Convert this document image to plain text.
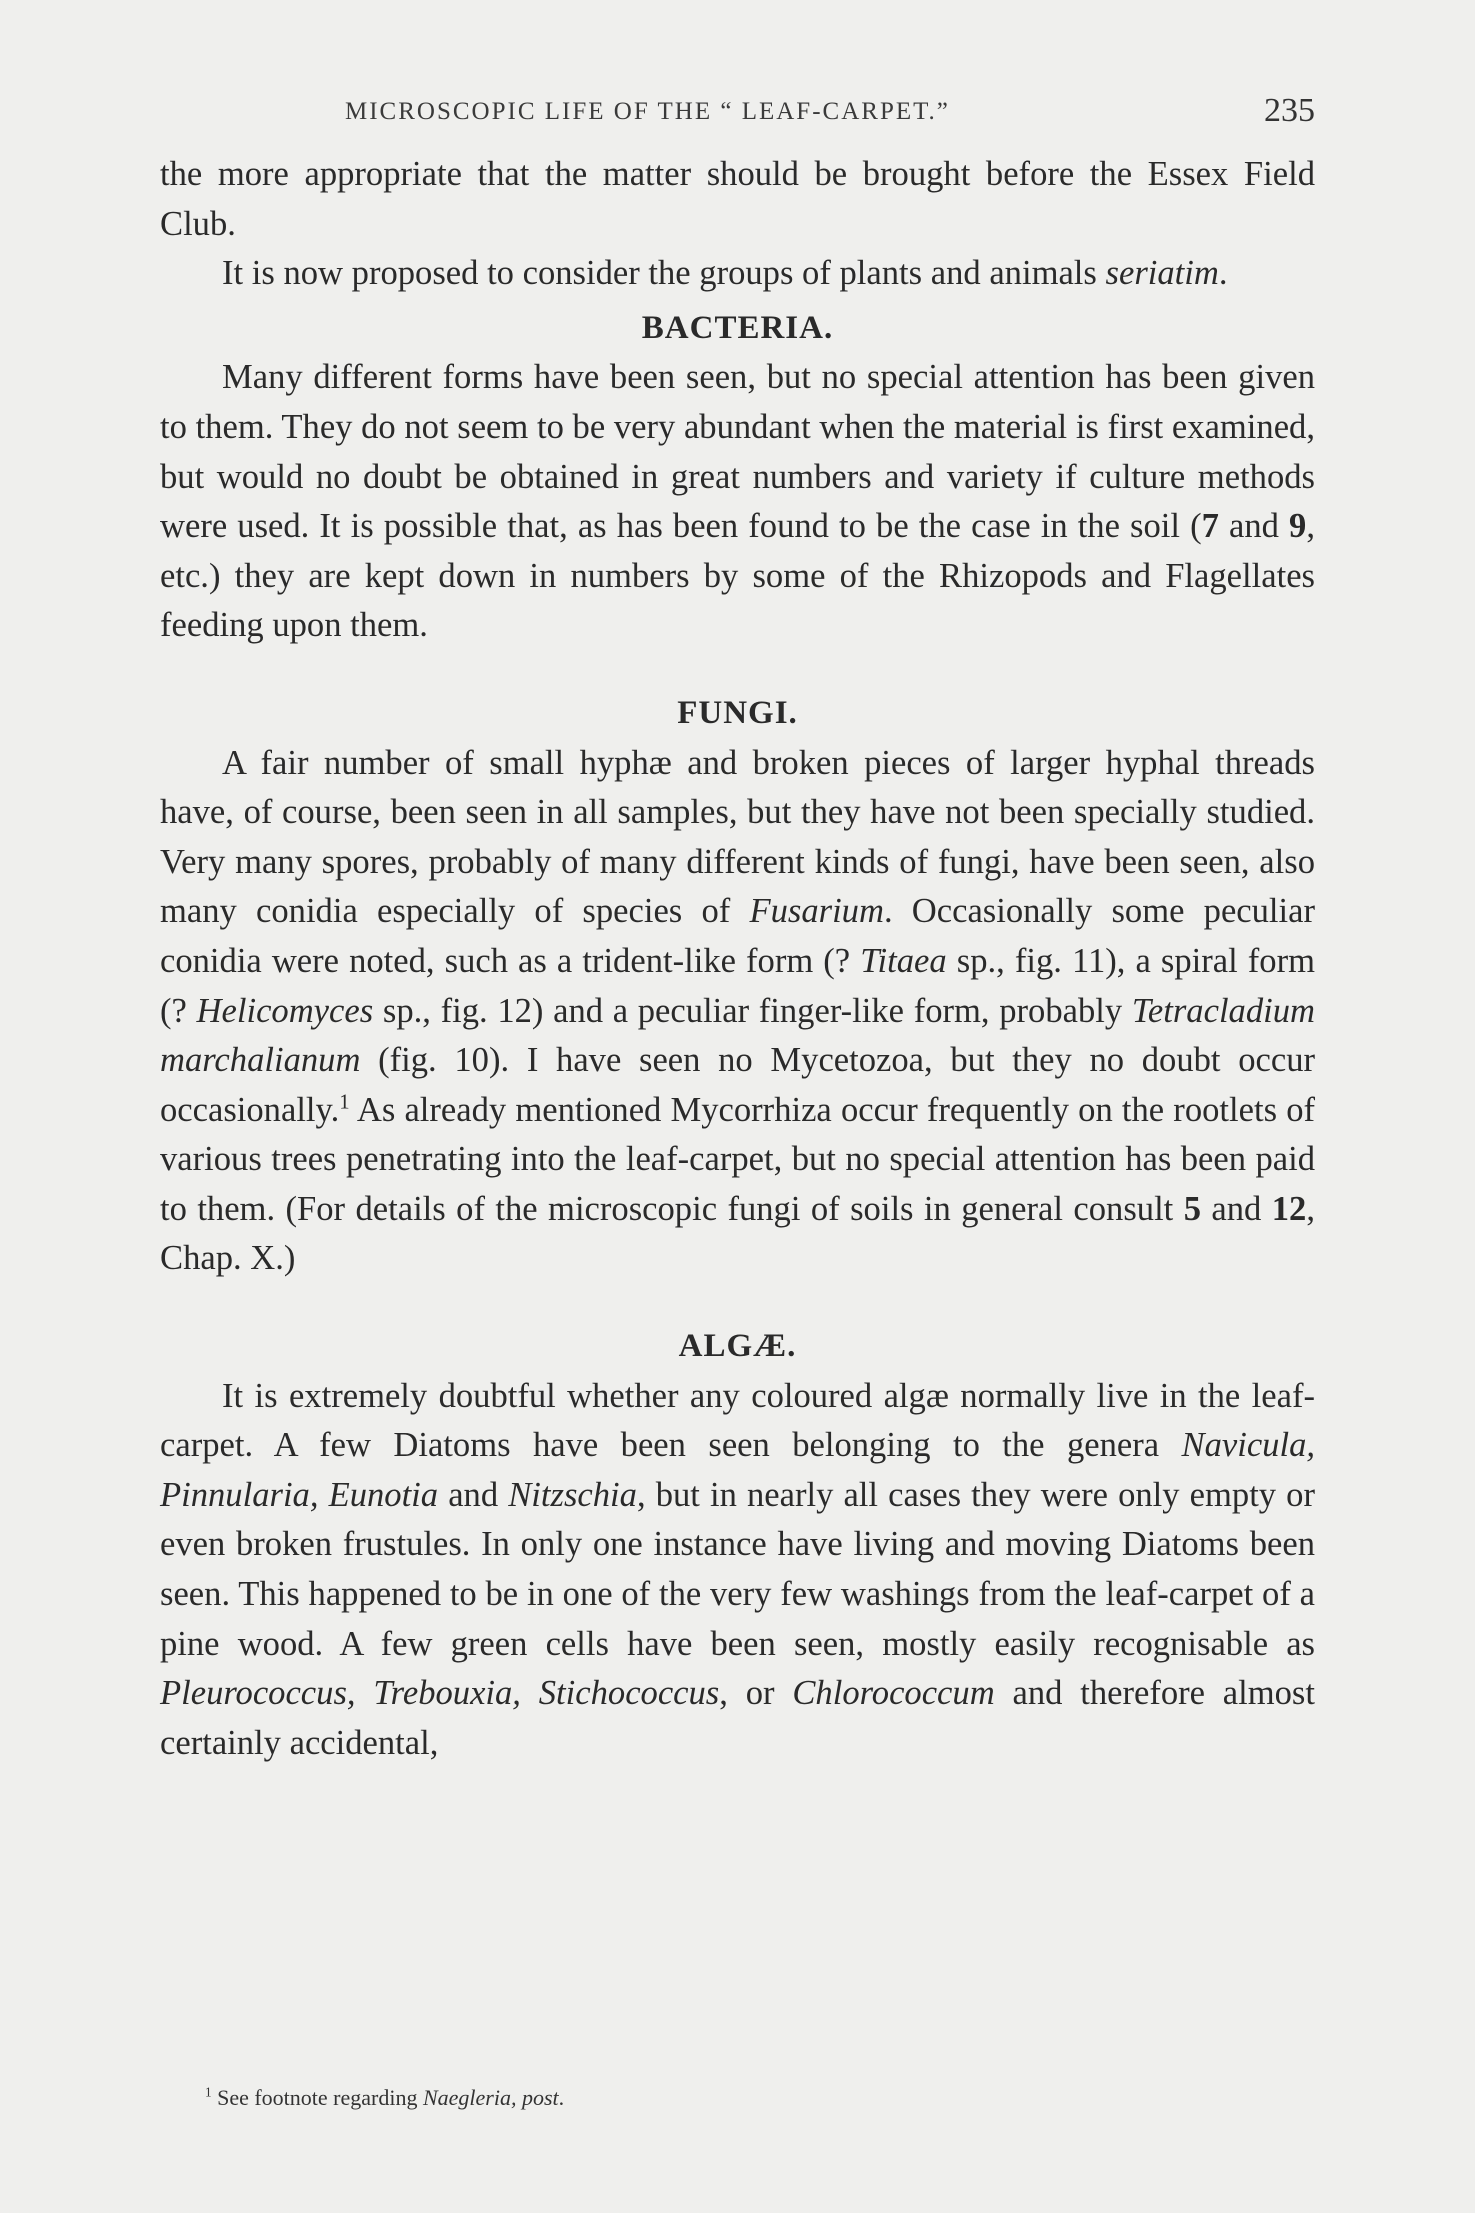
MICROSCOPIC LIFE OF THE “ LEAF-CARPET.”	235

the more appropriate that the matter should be brought before the Essex Field Club.

It is now proposed to consider the groups of plants and animals seriatim.

BACTERIA.

Many different forms have been seen, but no special attention has been given to them. They do not seem to be very abundant when the material is first examined, but would no doubt be obtained in great numbers and variety if culture methods were used. It is possible that, as has been found to be the case in the soil (7 and 9, etc.) they are kept down in numbers by some of the Rhizopods and Flagellates feeding upon them.

FUNGI.

A fair number of small hyphæ and broken pieces of larger hyphal threads have, of course, been seen in all samples, but they have not been specially studied. Very many spores, probably of many different kinds of fungi, have been seen, also many conidia especially of species of Fusarium. Occasionally some peculiar conidia were noted, such as a trident-like form (? Titaea sp., fig. 11), a spiral form (? Helicomyces sp., fig. 12) and a peculiar finger-like form, probably Tetracladium marchalianum (fig. 10). I have seen no Mycetozoa, but they no doubt occur occasionally.$^1$ As already mentioned Mycorrhiza occur frequently on the rootlets of various trees penetrating into the leaf-carpet, but no special attention has been paid to them. (For details of the microscopic fungi of soils in general consult 5 and 12, Chap. X.)

ALGÆ.

It is extremely doubtful whether any coloured algæ normally live in the leaf-carpet. A few Diatoms have been seen belonging to the genera Navicula, Pinnularia, Eunotia and Nitzschia, but in nearly all cases they were only empty or even broken frustules. In only one instance have living and moving Diatoms been seen. This happened to be in one of the very few washings from the leaf-carpet of a pine wood. A few green cells have been seen, mostly easily recognisable as Pleurococcus, Trebouxia, Stichococcus, or Chlorococcum and therefore almost certainly accidental,

$^1$ See footnote regarding Naegleria, post.
